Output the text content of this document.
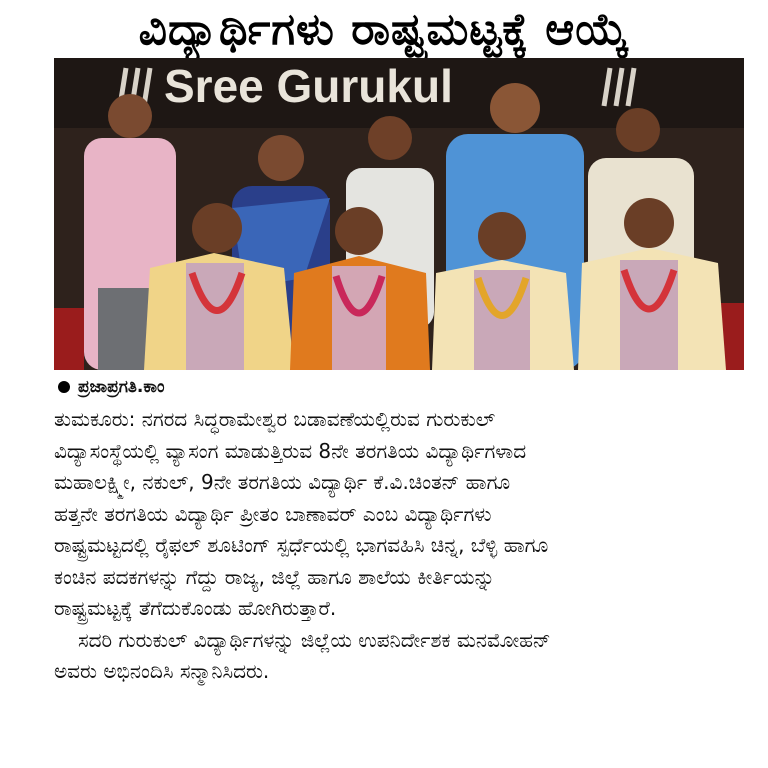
ವಿದ್ಯಾರ್ಥಿಗಳು ರಾಷ್ಟ್ರಮಟ್ಟಕ್ಕೆ ಆಯ್ಕೆ
Sree Gurukul
ಪ್ರಜಾಪ್ರಗತಿ.ಕಾಂ

ತುಮಕೂರು: ನಗರದ ಸಿದ್ಧರಾಮೇಶ್ವರ ಬಡಾವಣೆಯಲ್ಲಿರುವ ಗುರುಕುಲ್

ವಿದ್ಯಾಸಂಸ್ಥೆಯಲ್ಲಿ ವ್ಯಾಸಂಗ ಮಾಡುತ್ತಿರುವ 8ನೇ ತರಗತಿಯ ವಿದ್ಯಾರ್ಥಿಗಳಾದ

ಮಹಾಲಕ್ಷ್ಮೀ, ನಕುಲ್, 9ನೇ ತರಗತಿಯ ವಿದ್ಯಾರ್ಥಿ ಕೆ.ವಿ.ಚಿಂತನ್ ಹಾಗೂ

ಹತ್ತನೇ ತರಗತಿಯ ವಿದ್ಯಾರ್ಥಿ ಪ್ರೀತಂ ಬಾಣಾವರ್ ಎಂಬ ವಿದ್ಯಾರ್ಥಿಗಳು

ರಾಷ್ಟ್ರಮಟ್ಟದಲ್ಲಿ ರೈಫಲ್ ಶೂಟಿಂಗ್ ಸ್ಪರ್ಧೆಯಲ್ಲಿ ಭಾಗವಹಿಸಿ ಚಿನ್ನ, ಬೆಳ್ಳಿ ಹಾಗೂ

ಕಂಚಿನ ಪದಕಗಳನ್ನು ಗೆದ್ದು ರಾಜ್ಯ, ಜಿಲ್ಲೆ ಹಾಗೂ ಶಾಲೆಯ ಕೀರ್ತಿಯನ್ನು

ರಾಷ್ಟ್ರಮಟ್ಟಕ್ಕೆ ತೆಗೆದುಕೊಂಡು ಹೋಗಿರುತ್ತಾರೆ.

ಸದರಿ ಗುರುಕುಲ್ ವಿದ್ಯಾರ್ಥಿಗಳನ್ನು ಜಿಲ್ಲೆಯ ಉಪನಿರ್ದೇಶಕ ಮನಮೋಹನ್

ಅವರು ಅಭಿನಂದಿಸಿ ಸನ್ಮಾನಿಸಿದರು.
